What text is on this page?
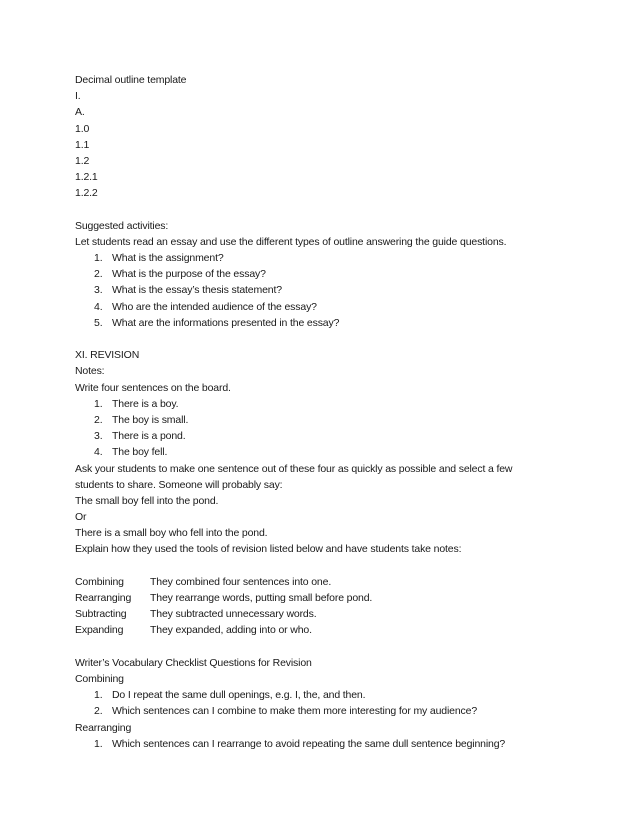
Decimal outline template
I.
A.
1.0
1.1
1.2
1.2.1
1.2.2
Suggested activities:
Let students read an essay and use the different types of outline answering the guide questions.
1. What is the assignment?
2. What is the purpose of the essay?
3. What is the essay’s thesis statement?
4. Who are the intended audience of the essay?
5. What are the informations presented in the essay?
XI. REVISION
Notes:
Write four sentences on the board.
1. There is a boy.
2. The boy is small.
3. There is a pond.
4. The boy fell.
Ask your students to make one sentence out of these four as quickly as possible and select a few
students to share. Someone will probably say:
The small boy fell into the pond.
Or
There is a small boy who fell into the pond.
Explain how they used the tools of revision listed below and have students take notes:
Combining	They combined four sentences into one.
Rearranging	They rearrange words, putting small before pond.
Subtracting	They subtracted unnecessary words.
Expanding	They expanded, adding into or who.
Writer’s Vocabulary Checklist Questions for Revision
Combining
1. Do I repeat the same dull openings, e.g. I, the, and then.
2. Which sentences can I combine to make them more interesting for my audience?
Rearranging
1. Which sentences can I rearrange to avoid repeating the same dull sentence beginning?
